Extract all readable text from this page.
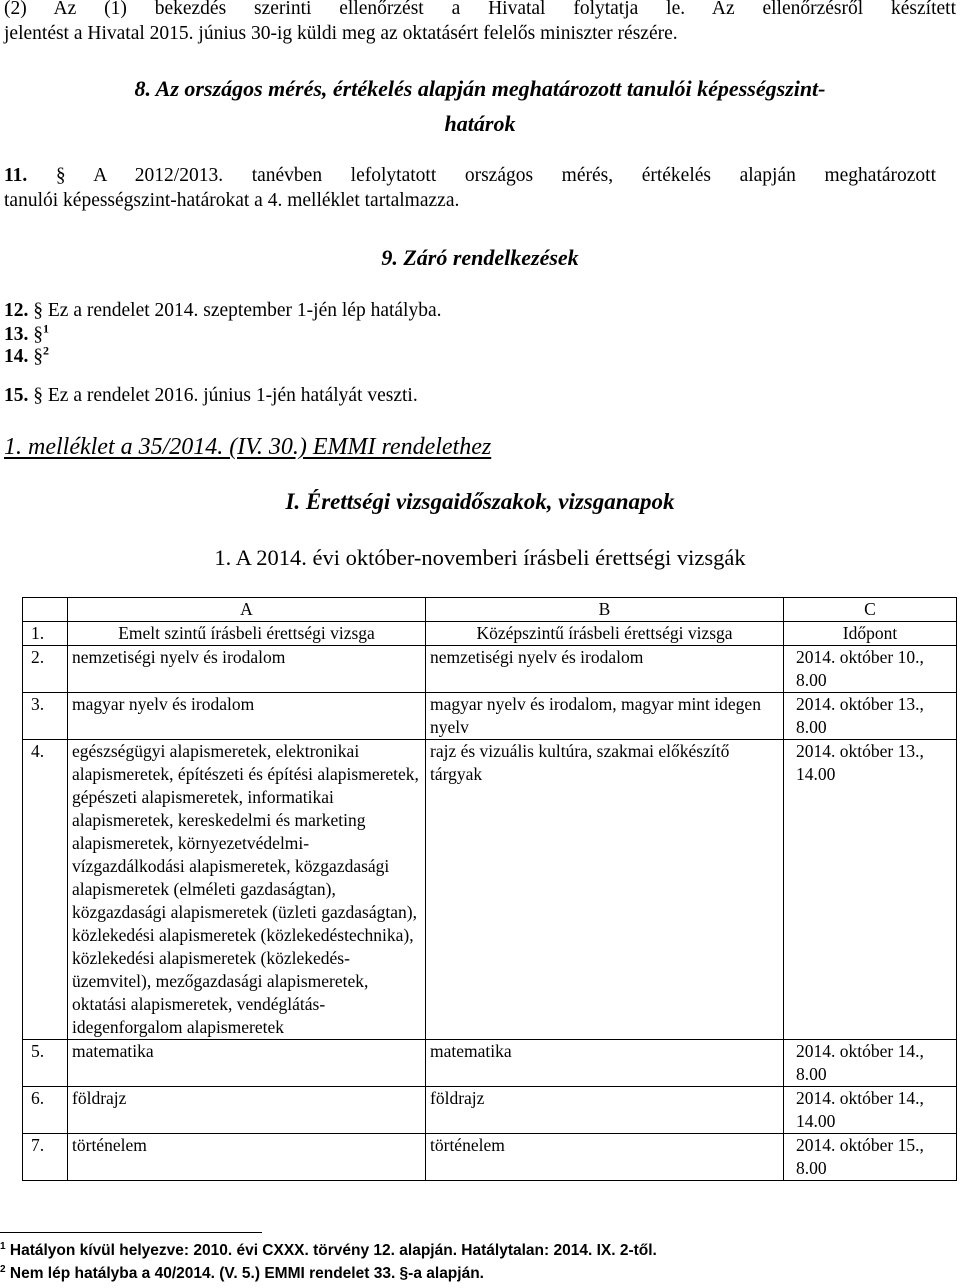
(2) Az (1) bekezdés szerinti ellenőrzést a Hivatal folytatja le. Az ellenőrzésről készített
jelentést a Hivatal 2015. június 30-ig küldi meg az oktatásért felelős miniszter részére.
8. Az országos mérés, értékelés alapján meghatározott tanulói képességszint-
határok
11. § A 2012/2013. tanévben lefolytatott országos mérés, értékelés alapján meghatározott
tanulói képességszint-határokat a 4. melléklet tartalmazza.
9. Záró rendelkezések
12. § Ez a rendelet 2014. szeptember 1-jén lép hatályba.
13. §$^1$
14. §$^2$
15. § Ez a rendelet 2016. június 1-jén hatályát veszti.
1. melléklet a 35/2014. (IV. 30.) EMMI rendelethez
I. Érettségi vizsgaidőszakok, vizsganapok
1. A 2014. évi október-novemberi írásbeli érettségi vizsgák
	A	B	C
1.	Emelt szintű írásbeli érettségi vizsga	Középszintű írásbeli érettségi vizsga	Időpont
2.	nemzetiségi nyelv és irodalom	nemzetiségi nyelv és irodalom	2014. október 10., 8.00
3.	magyar nyelv és irodalom	magyar nyelv és irodalom, magyar mint idegen nyelv	2014. október 13., 8.00
4.	egészségügyi alapismeretek, elektronikai alapismeretek, építészeti és építési alapismeretek, gépészeti alapismeretek, informatikai alapismeretek, kereskedelmi és marketing alapismeretek, környezetvédelmi- vízgazdálkodási alapismeretek, közgazdasági alapismeretek (elméleti gazdaságtan), közgazdasági alapismeretek (üzleti gazdaságtan), közlekedési alapismeretek (közlekedéstechnika), közlekedési alapismeretek (közlekedés-üzemvitel), mezőgazdasági alapismeretek, oktatási alapismeretek, vendéglátás-idegenforgalom alapismeretek	rajz és vizuális kultúra, szakmai előkészítő tárgyak	2014. október 13., 14.00
5.	matematika	matematika	2014. október 14., 8.00
6.	földrajz	földrajz	2014. október 14., 14.00
7.	történelem	történelem	2014. október 15., 8.00
$^1$ Hatályon kívül helyezve: 2010. évi CXXX. törvény 12. alapján. Hatálytalan: 2014. IX. 2-től.
$^2$ Nem lép hatályba a 40/2014. (V. 5.) EMMI rendelet 33. §-a alapján.
